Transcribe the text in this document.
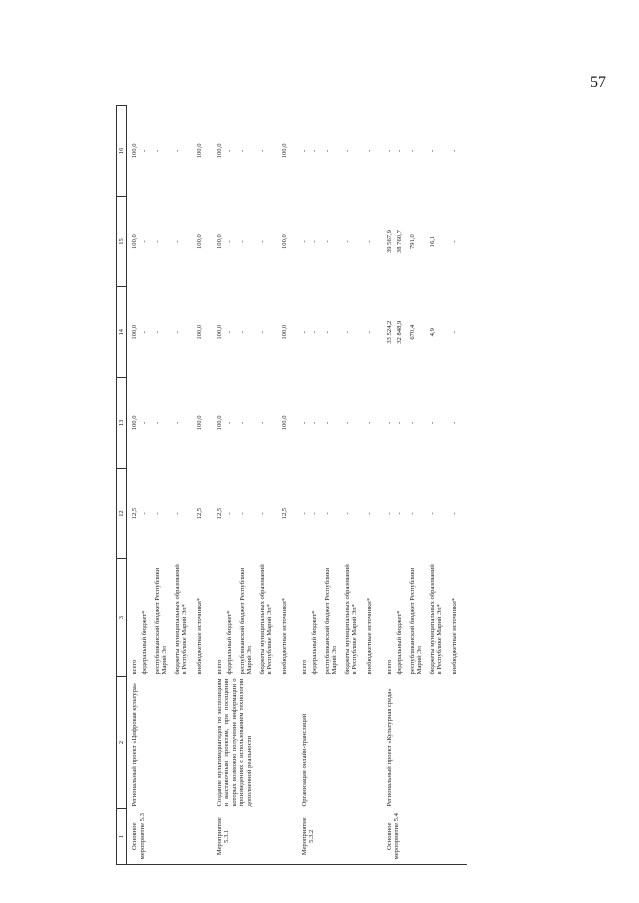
57
1	2	3	12	13	14	15	16
Основное мероприятие 5.3	Региональный проект «Цифровая культура»	всего	12,5	100,0	100,0	100,0	100,0
		федеральный бюджет*	-	-	-	-	-
		республиканский бюджет Республики Марий Эл	-	-	-	-	-
		бюджеты муниципальных образований в Республике Марий Эл*	-	-	-	-	-
		внебюджетные источники*	12,5	100,0	100,0	100,0	100,0
Мероприятие 5.3.1	Создание мультимедиагидов по экспозициям и выставочным проектам, при посещении которых возможно получение информации о произведениях с использованием технологии дополненной реальности	всего	12,5	100,0	100,0	100,0	100,0
		федеральный бюджет*	-	-	-	-	-
		республиканский бюджет Республики Марий Эл	-	-	-	-	-
		бюджеты муниципальных образований в Республике Марий Эл*	-	-	-	-	-
		внебюджетные источники*	12,5	100,0	100,0	100,0	100,0
Мероприятие 5.3.2	Организация онлайн-трансляций	всего	-	-	-	-	-
		федеральный бюджет*	-	-	-	-	-
		республиканский бюджет Республики Марий Эл	-	-	-	-	-
		бюджеты муниципальных образований в Республике Марий Эл*	-	-	-	-	-
		внебюджетные источники*	-	-	-	-	-
Основное мероприятие 5.4	Региональный проект «Культурная среда»	всего	-	-	33 524,2	39 567,9	-
		федеральный бюджет*	-	-	32 848,9	38 760,7	-
		республиканский бюджет Республики Марий Эл	-	-	670,4	791,0	-
		бюджеты муниципальных образований в Республике Марий Эл*	-	-	4,9	16,1	-
		внебюджетные источники*	-	-	-	-	-
